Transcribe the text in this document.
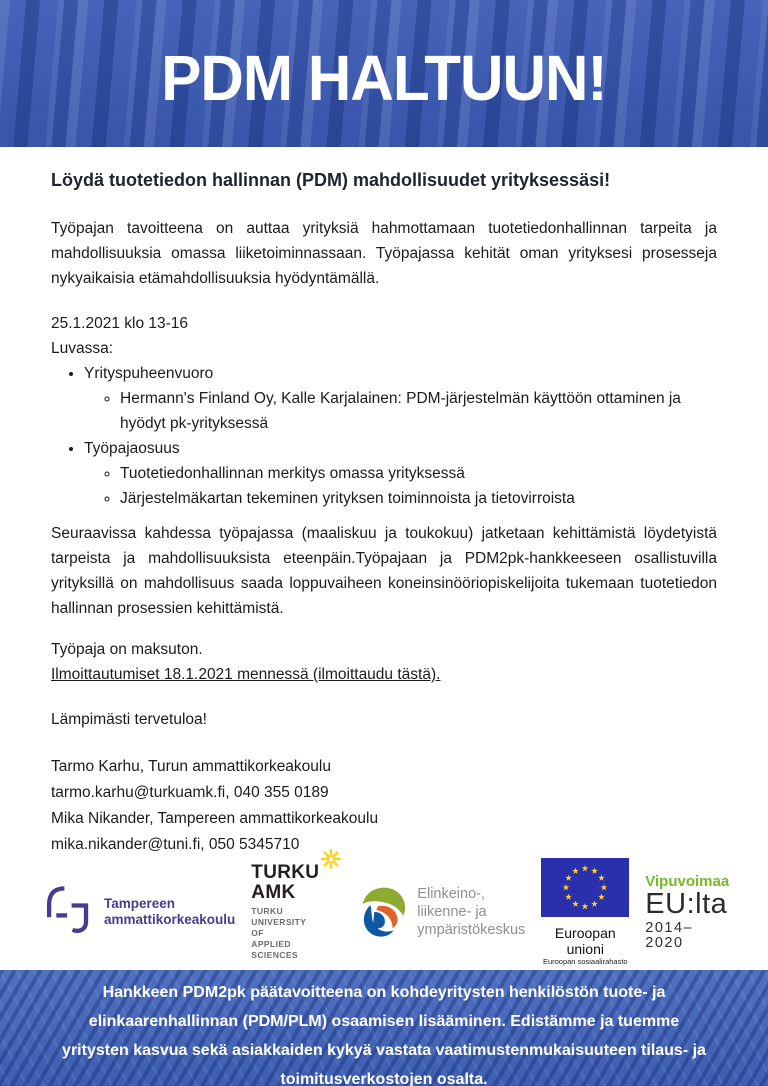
PDM HALTUUN!
Löydä tuotetiedon hallinnan (PDM) mahdollisuudet yrityksessäsi!

Työpajan tavoitteena on auttaa yrityksiä hahmottamaan tuotetiedonhallinnan tarpeita ja mahdollisuuksia omassa liiketoiminnassaan. Työpajassa kehität oman yrityksesi prosesseja nykyaikaisia etämahdollisuuksia hyödyntämällä.

25.1.2021 klo 13-16

Luvassa:

• Yrityspuheenvuoro
◦ Hermann's Finland Oy, Kalle Karjalainen: PDM-järjestelmän käyttöön ottaminen ja hyödyt pk-yrityksessä
• Työpajaosuus
◦ Tuotetiedonhallinnan merkitys omassa yrityksessä
◦ Järjestelmäkartan tekeminen yrityksen toiminnoista ja tietovirroista

Seuraavissa kahdessa työpajassa (maaliskuu ja toukokuu) jatketaan kehittämistä löydetyistä tarpeista ja mahdollisuuksista eteenpäin.Työpajaan ja PDM2pk-hankkeeseen osallistuvilla yrityksillä on mahdollisuus saada loppuvaiheen koneinsinööriopiskelijoita tukemaan tuotetiedon hallinnan prosessien kehittämistä.

Työpaja on maksuton.

Ilmoittautumiset 18.1.2021 mennessä (ilmoittaudu tästä).

Lämpimästi tervetuloa!

Tarmo Karhu, Turun ammattikorkeakoulu

tarmo.karhu@turkuamk.fi, 040 355 0189

Mika Nikander, Tampereen ammattikorkeakoulu

mika.nikander@tuni.fi, 050 5345710

Tampereen
ammattikorkeakoulu
TURKU AMK
TURKU UNIVERSITY OF
APPLIED SCIENCES
Elinkeino-, liikenne- ja
ympäristökeskus	Euroopan unioni
Euroopan sosiaalirahasto
Vipuvoimaa
EU:lta
2014–2020

Hankkeen PDM2pk päätavoitteena on kohdeyritysten henkilöstön tuote- ja elinkaarenhallinnan (PDM/PLM) osaamisen lisääminen. Edistämme ja tuemme yritysten kasvua sekä asiakkaiden kykyä vastata vaatimustenmukaisuuteen tilaus- ja toimitusverkostojen osalta.
